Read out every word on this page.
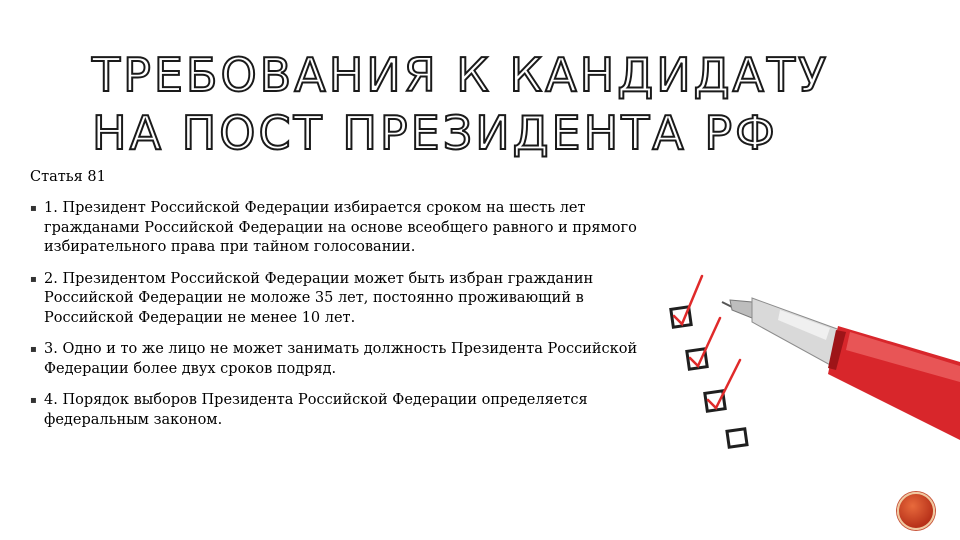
ТРЕБОВАНИЯ К КАНДИДАТУ НА ПОСТ ПРЕЗИДЕНТА РФ
Статья 81
▪ 1. Президент Российской Федерации избирается сроком на шесть лет гражданами Российской Федерации на основе всеобщего равного и прямого избирательного права при тайном голосовании.
▪ 2. Президентом Российской Федерации может быть избран гражданин Российской Федерации не моложе 35 лет, постоянно проживающий в Российской Федерации не менее 10 лет.
▪ 3. Одно и то же лицо не может занимать должность Президента Российской Федерации более двух сроков подряд.
▪ 4. Порядок выборов Президента Российской Федерации определяется федеральным законом.
